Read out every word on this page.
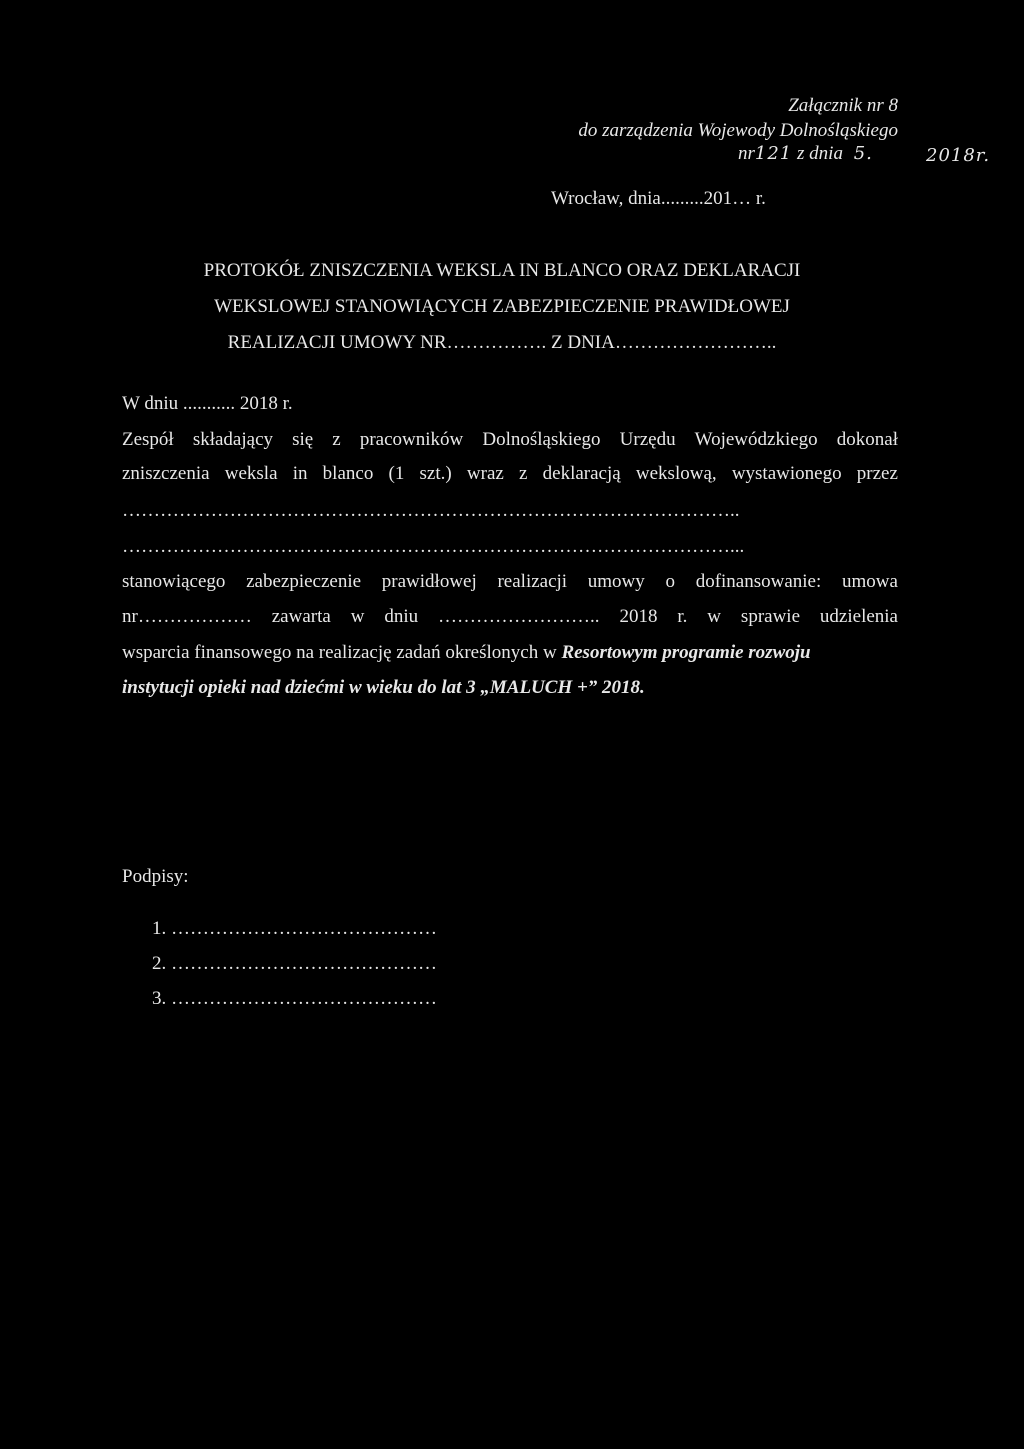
Załącznik nr 8
do zarządzenia Wojewody Dolnośląskiego
nr121 z dnia 5.	2018r.
Wrocław, dnia.........201… r.
PROTOKÓŁ ZNISZCZENIA WEKSLA IN BLANCO ORAZ DEKLARACJI
WEKSLOWEJ STANOWIĄCYCH ZABEZPIECZENIE PRAWIDŁOWEJ
REALIZACJI UMOWY NR……………. Z DNIA……………………..
W dniu ........... 2018 r.
Zespół składający się z pracowników Dolnośląskiego Urzędu Wojewódzkiego dokonał
zniszczenia weksla in blanco (1 szt.) wraz z deklaracją wekslową, wystawionego przez
……………………………………………………………………………………..
……………………………………………………………………………………...
stanowiącego zabezpieczenie prawidłowej realizacji umowy o dofinansowanie: umowa
nr……………… zawarta w dniu …………………….. 2018 r. w sprawie udzielenia
wsparcia finansowego na realizację zadań określonych w Resortowym programie rozwoju
instytucji opieki nad dziećmi w wieku do lat 3 „MALUCH +” 2018.
Podpisy:
1. ……………………………………
2. ……………………………………
3. ……………………………………
